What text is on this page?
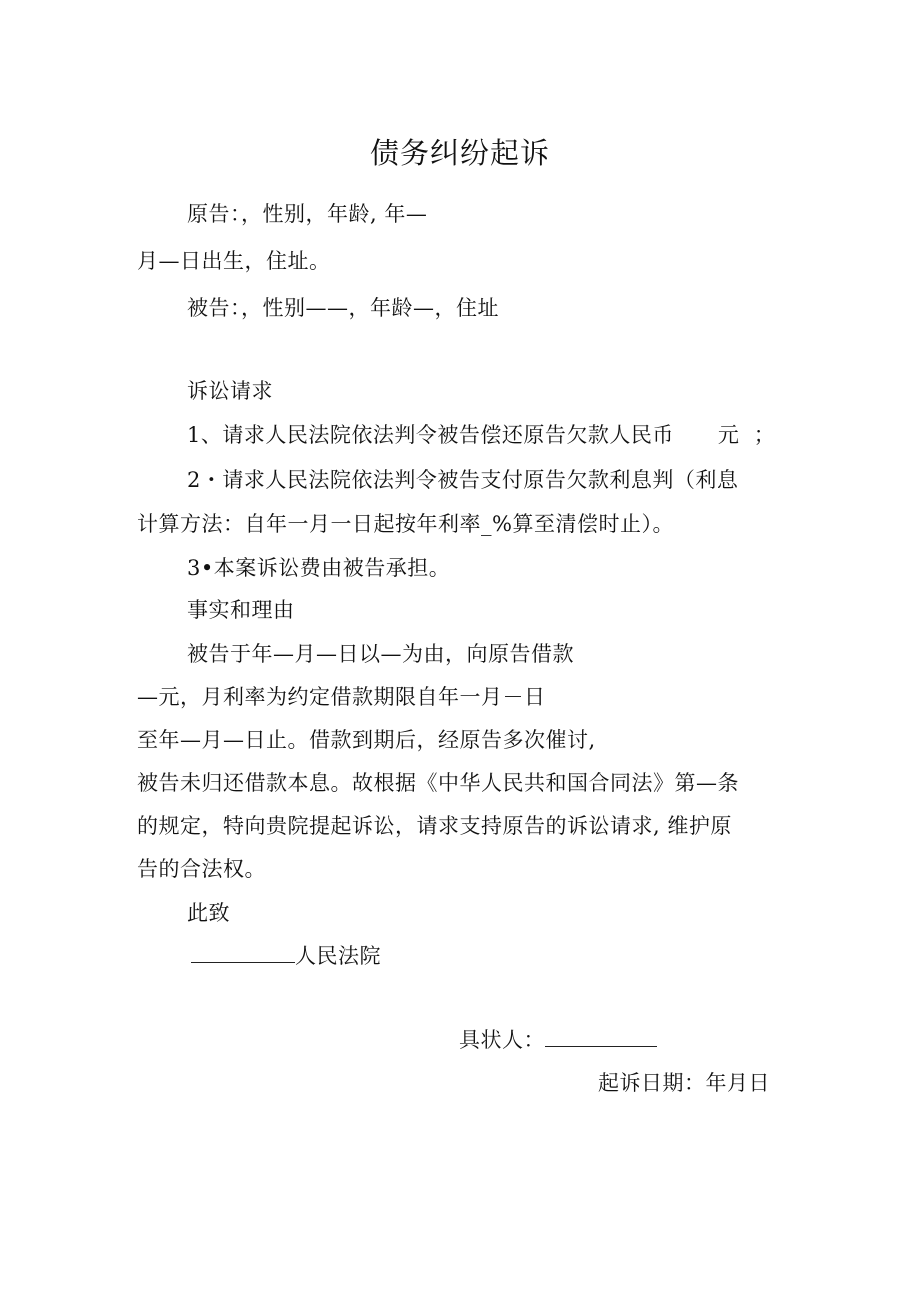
债务纠纷起诉
原告：，性别，年龄, 年—
月—日出生，住址。
被告：，性别——，年龄—，住址
诉讼请求
1、请求人民法院依法判令被告偿还原告欠款人民币 元 ；
2・请求人民法院依法判令被告支付原告欠款利息判（利息
计算方法：自年一月一日起按年利率_%算至清偿时止）。
3•本案诉讼费由被告承担。
事实和理由
被告于年—月—日以—为由，向原告借款
—元，月利率为约定借款期限自年一月－日
至年—月—日止。借款到期后，经原告多次催讨,
被告未归还借款本息。故根据《中华人民共和国合同法》第—条
的规定，特向贵院提起诉讼，请求支持原告的诉讼请求, 维护原
告的合法权。
此致
人民法院
具状人：
起诉日期：年月日
